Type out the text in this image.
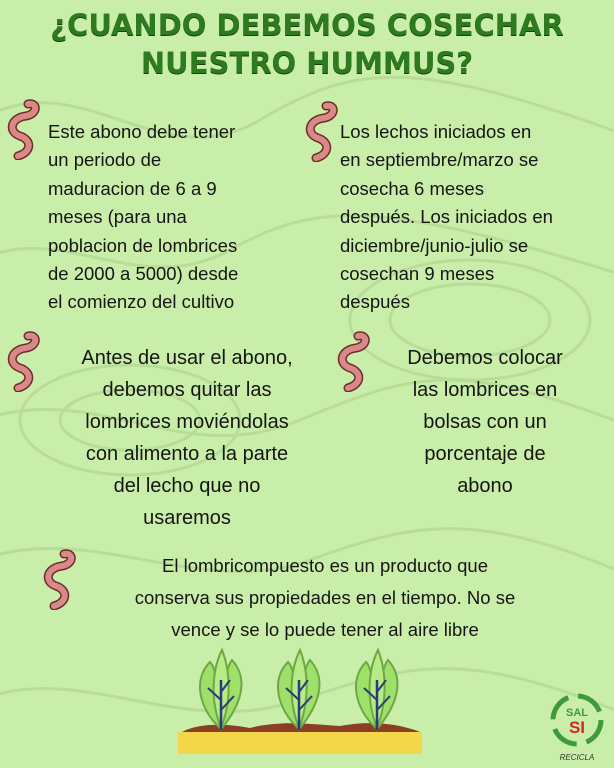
¿CUANDO DEBEMOS COSECHAR
NUESTRO HUMMUS?
Este abono debe tener
un periodo de
maduracion de 6 a 9
meses (para una
poblacion de lombrices
de 2000 a 5000) desde
el comienzo del cultivo
Los lechos iniciados en
en septiembre/marzo se
cosecha 6 meses
después. Los iniciados en
diciembre/junio-julio se
cosechan 9 meses
después
Antes de usar el abono,
debemos quitar las
lombrices moviéndolas
con alimento a la parte
del lecho que no
usaremos
Debemos colocar
las lombrices en
bolsas con un
porcentaje de
abono
El lombricompuesto es un producto que
conserva sus propiedades en el tiempo. No se
vence y se lo puede tener al aire libre
SAL
SI
RECICLA
